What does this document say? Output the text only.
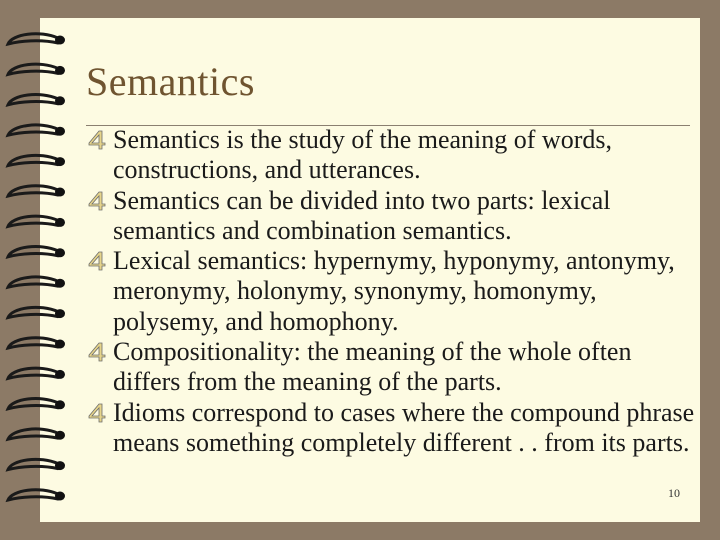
Semantics
Semantics is the study of the meaning of words, constructions, and utterances.
Semantics can be divided into two parts: lexical semantics and combination semantics.
Lexical semantics: hypernymy, hyponymy, antonymy, meronymy, holonymy, synonymy, homonymy, polysemy, and homophony.
Compositionality: the meaning of the whole often differs from the meaning of the parts.
Idioms correspond to cases where the compound phrase means something completely different . . from its parts.
10
